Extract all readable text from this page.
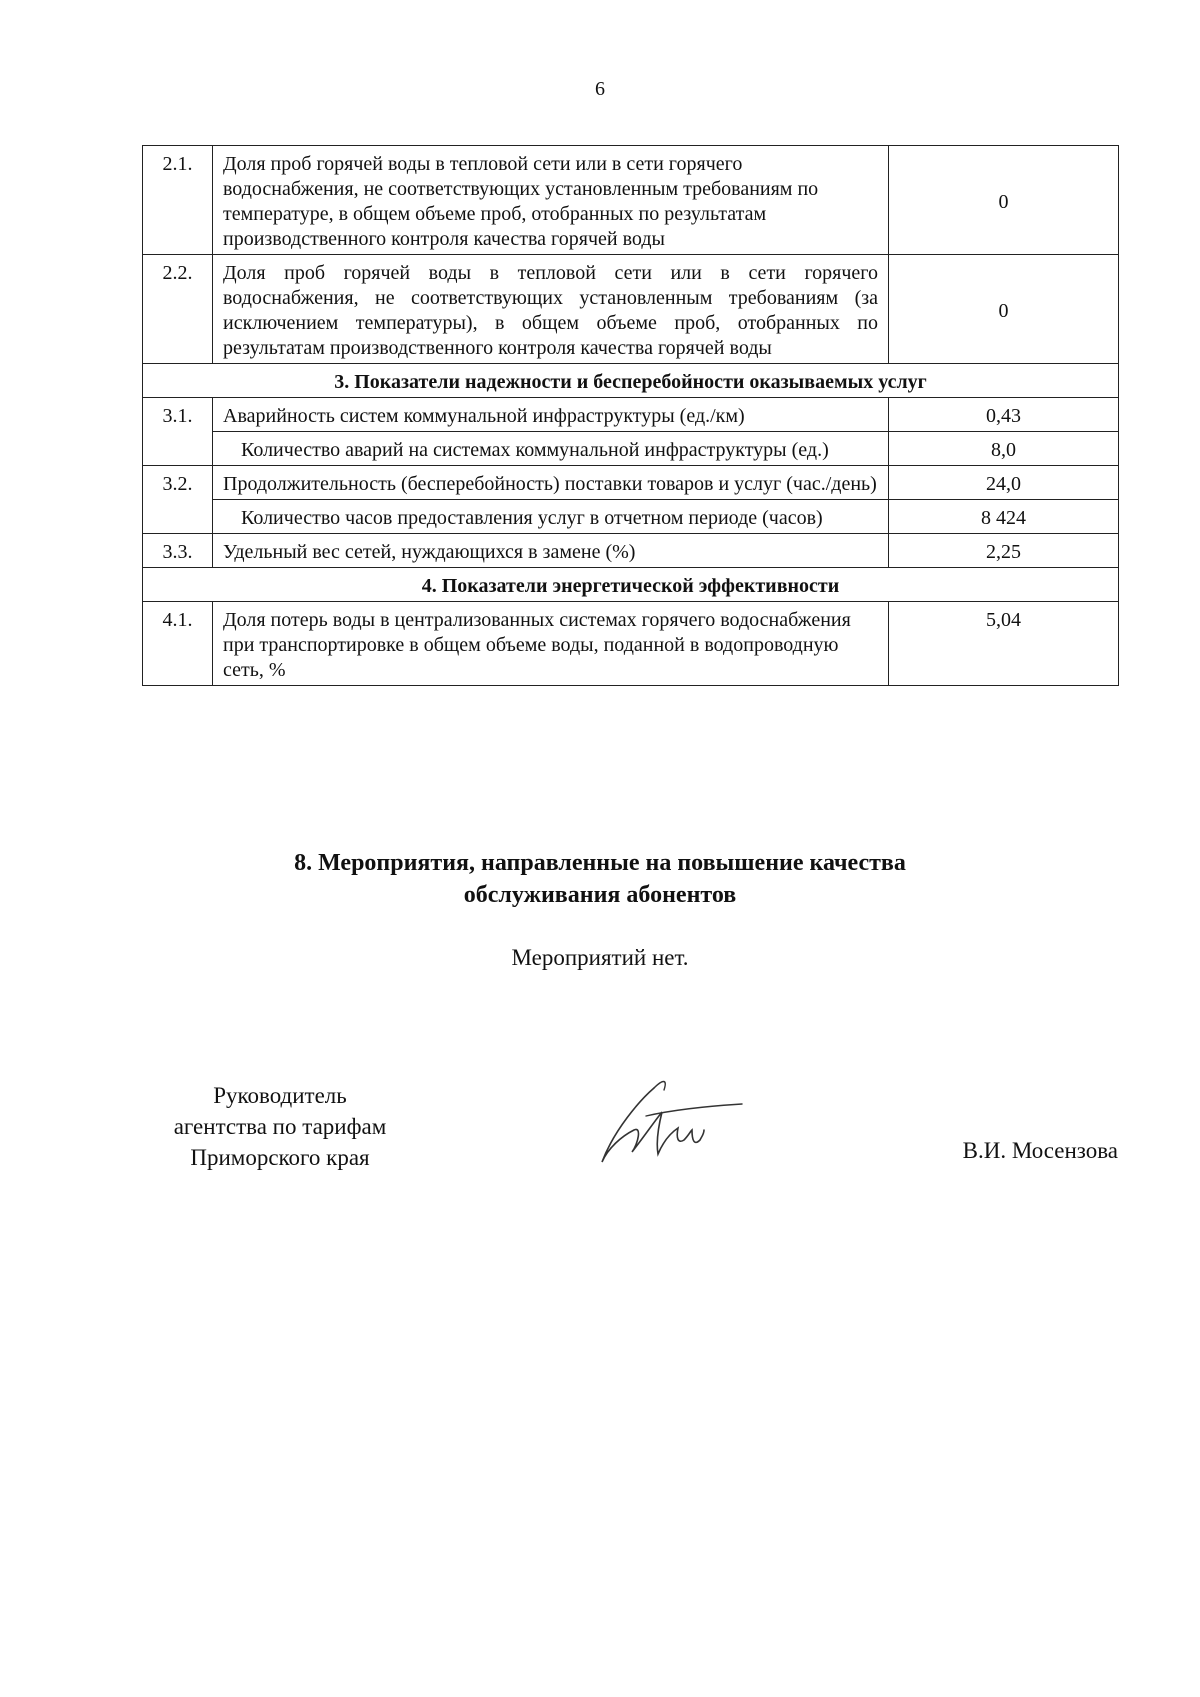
6
2.1.	Доля проб горячей воды в тепловой сети или в сети горячего водоснабжения, не соответствующих установленным требованиям по температуре, в общем объеме проб, отобранных по результатам производственного контроля качества горячей воды	0
2.2.	Доля проб горячей воды в тепловой сети или в сети горячего водоснабжения, не соответствующих установленным требованиям (за исключением температуры), в общем объеме проб, отобранных по результатам производственного контроля качества горячей воды	0
3. Показатели надежности и бесперебойности оказываемых услуг		
3.1.	Аварийность систем коммунальной инфраструктуры (ед./км)	0,43
	Количество аварий на системах коммунальной инфраструктуры (ед.)	8,0
3.2.	Продолжительность (бесперебойность) поставки товаров и услуг (час./день)	24,0
	Количество часов предоставления услуг в отчетном периоде (часов)	8 424
3.3.	Удельный вес сетей, нуждающихся в замене (%)	2,25
4. Показатели энергетической эффективности		
4.1.	Доля потерь воды в централизованных системах горячего водоснабжения при транспортировке в общем объеме воды, поданной в водопроводную сеть, %	5,04
8. Мероприятия, направленные на повышение качества
обслуживания абонентов
Мероприятий нет.
Руководитель
агентства по тарифам
Приморского края	В.И. Мосензова
